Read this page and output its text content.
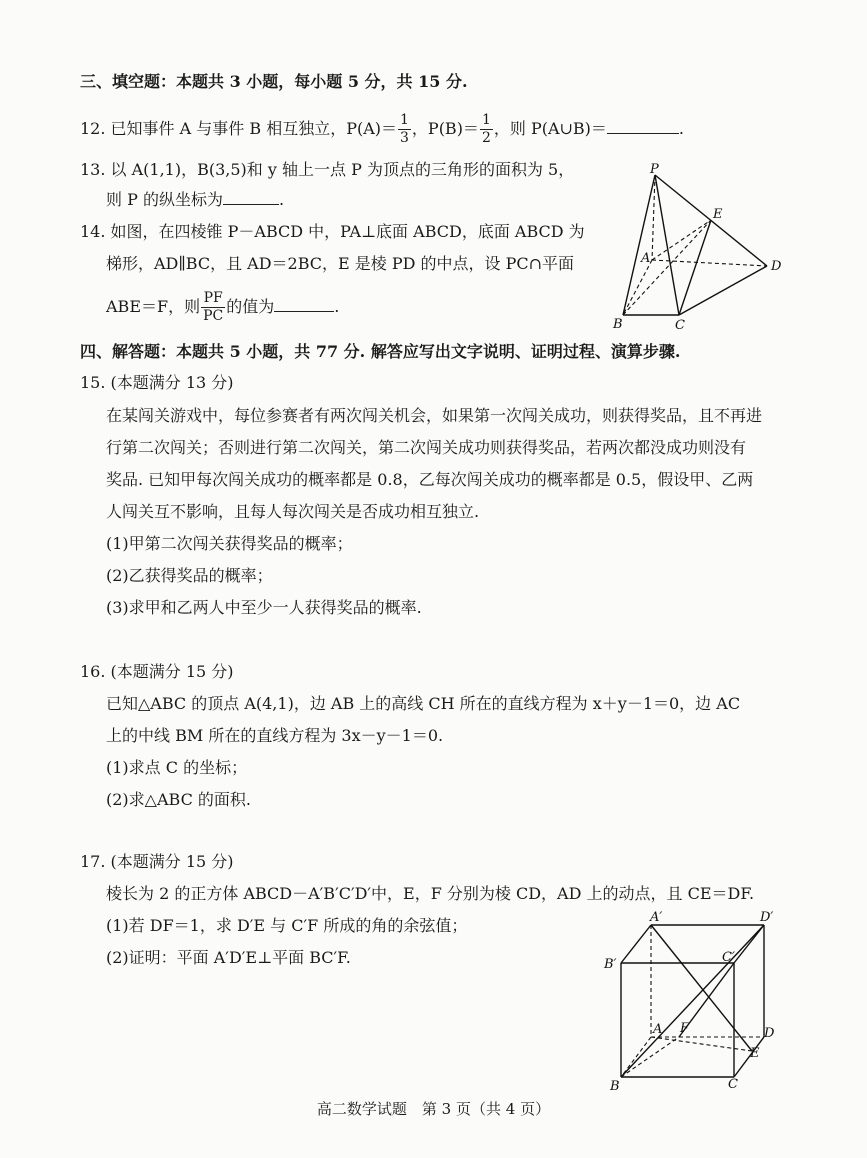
三、填空题：本题共 3 小题，每小题 5 分，共 15 分.
12. 已知事件 A 与事件 B 相互独立，$P(A)= \frac{1}{3}$ ，$P(B)= \frac{1}{2}$ ，则 P(A∪B)＝	.
13. 以 A(1,1)，B(3,5)和 y 轴上一点 P 为顶点的三角形的面积为 5，
则 P 的纵坐标为	.
14. 如图，在四棱锥 P－ABCD 中，PA⊥底面 ABCD，底面 ABCD 为
梯形，AD∥BC，且 AD＝2BC，E 是棱 PD 的中点，设 PC∩平面
ABE＝F，则 $\frac{PF}{PC}$ 的值为	.
P
E
A
D
B	C
四、解答题：本题共 5 小题，共 77 分. 解答应写出文字说明、证明过程、演算步骤.
15. (本题满分 13 分)
在某闯关游戏中，每位参赛者有两次闯关机会，如果第一次闯关成功，则获得奖品，且不再进
行第二次闯关；否则进行第二次闯关，第二次闯关成功则获得奖品，若两次都没成功则没有
奖品. 已知甲每次闯关成功的概率都是 0.8，乙每次闯关成功的概率都是 0.5，假设甲、乙两
人闯关互不影响，且每人每次闯关是否成功相互独立.
(1)甲第二次闯关获得奖品的概率；
(2)乙获得奖品的概率；
(3)求甲和乙两人中至少一人获得奖品的概率.
16. (本题满分 15 分)
已知△ABC 的顶点 A(4,1)，边 AB 上的高线 CH 所在的直线方程为 x＋y－1＝0，边 AC
上的中线 BM 所在的直线方程为 3x－y－1＝0.
(1)求点 C 的坐标；
(2)求△ABC 的面积.
17. (本题满分 15 分)
棱长为 2 的正方体 ABCD－A′B′C′D′中，E，F 分别为棱 CD，AD 上的动点，且 CE＝DF.
(1)若 DF＝1，求 D′E 与 C′F 所成的角的余弦值；
(2)证明：平面 A′D′E⊥平面 BC′F.
A′	D′
B′	C′
A F	D
E
B	C
高二数学试题　第 3 页（共 4 页）
